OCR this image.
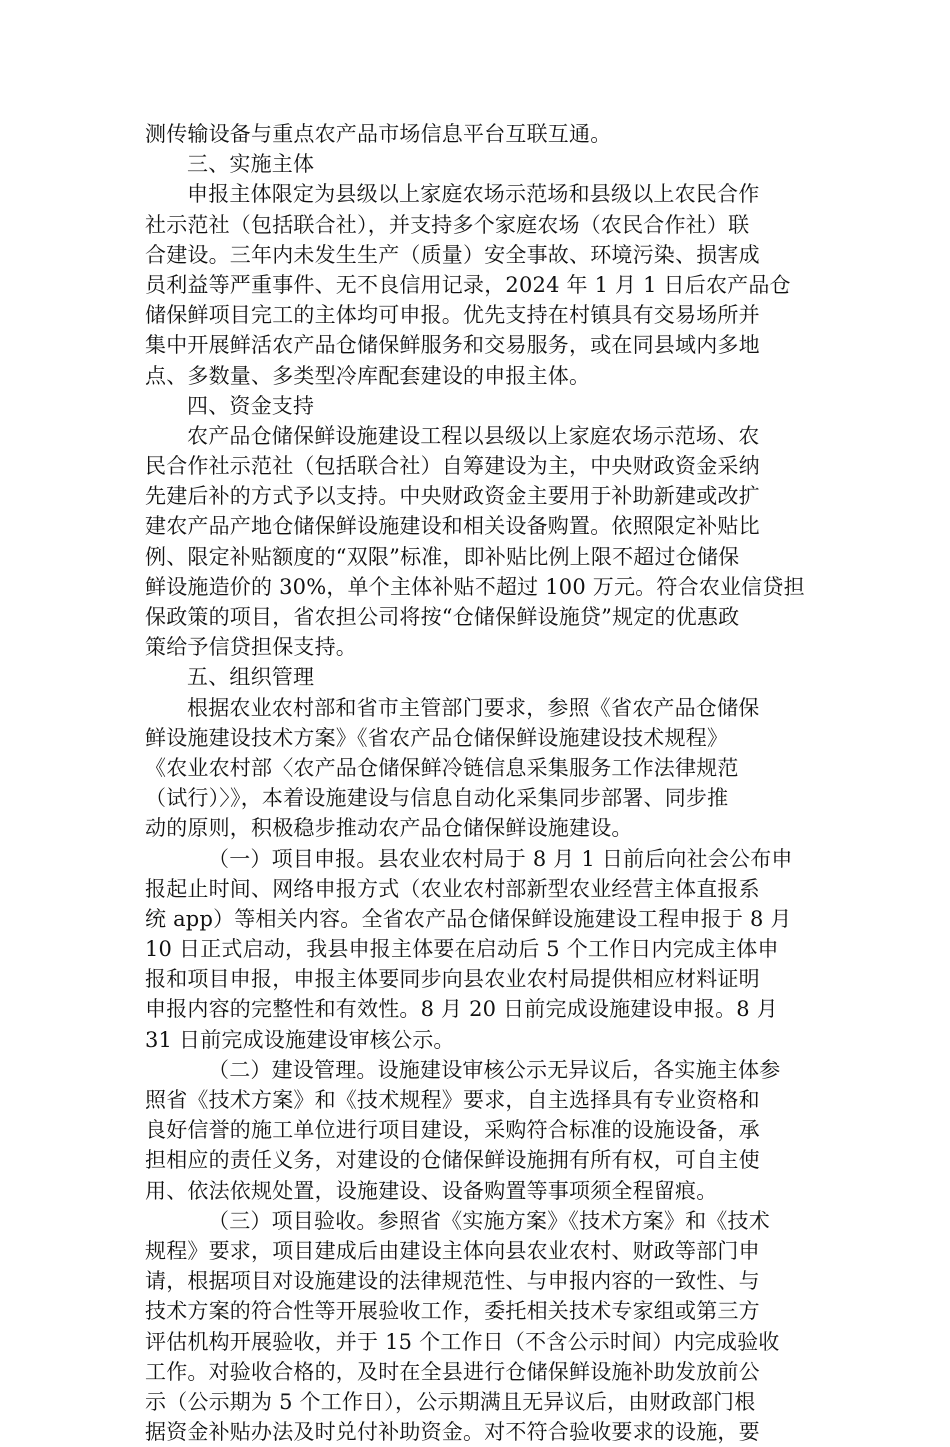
测传输设备与重点农产品市场信息平台互联互通。
三、实施主体
申报主体限定为县级以上家庭农场示范场和县级以上农民合作
社示范社（包括联合社），并支持多个家庭农场（农民合作社）联
合建设。三年内未发生生产（质量）安全事故、环境污染、损害成
员利益等严重事件、无不良信用记录，2024 年 1 月 1 日后农产品仓
储保鲜项目完工的主体均可申报。优先支持在村镇具有交易场所并
集中开展鲜活农产品仓储保鲜服务和交易服务，或在同县域内多地
点、多数量、多类型冷库配套建设的申报主体。
四、资金支持
农产品仓储保鲜设施建设工程以县级以上家庭农场示范场、农
民合作社示范社（包括联合社）自筹建设为主，中央财政资金采纳
先建后补的方式予以支持。中央财政资金主要用于补助新建或改扩
建农产品产地仓储保鲜设施建设和相关设备购置。依照限定补贴比
例、限定补贴额度的“双限”标准，即补贴比例上限不超过仓储保
鲜设施造价的 30%，单个主体补贴不超过 100 万元。符合农业信贷担
保政策的项目，省农担公司将按“仓储保鲜设施贷”规定的优惠政
策给予信贷担保支持。
五、组织管理
根据农业农村部和省市主管部门要求，参照《省农产品仓储保
鲜设施建设技术方案》《省农产品仓储保鲜设施建设技术规程》
《农业农村部〈农产品仓储保鲜冷链信息采集服务工作法律规范
（试行）〉》，本着设施建设与信息自动化采集同步部署、同步推
动的原则，积极稳步推动农产品仓储保鲜设施建设。
（一）项目申报。县农业农村局于 8 月 1 日前后向社会公布申
报起止时间、网络申报方式（农业农村部新型农业经营主体直报系
统 app）等相关内容。全省农产品仓储保鲜设施建设工程申报于 8 月
10 日正式启动，我县申报主体要在启动后 5 个工作日内完成主体申
报和项目申报，申报主体要同步向县农业农村局提供相应材料证明
申报内容的完整性和有效性。8 月 20 日前完成设施建设申报。8 月
31 日前完成设施建设审核公示。
（二）建设管理。设施建设审核公示无异议后，各实施主体参
照省《技术方案》和《技术规程》要求，自主选择具有专业资格和
良好信誉的施工单位进行项目建设，采购符合标准的设施设备，承
担相应的责任义务，对建设的仓储保鲜设施拥有所有权，可自主使
用、依法依规处置，设施建设、设备购置等事项须全程留痕。
（三）项目验收。参照省《实施方案》《技术方案》和《技术
规程》要求，项目建成后由建设主体向县农业农村、财政等部门申
请，根据项目对设施建设的法律规范性、与申报内容的一致性、与
技术方案的符合性等开展验收工作，委托相关技术专家组或第三方
评估机构开展验收，并于 15 个工作日（不含公示时间）内完成验收
工作。对验收合格的，及时在全县进行仓储保鲜设施补助发放前公
示（公示期为 5 个工作日），公示期满且无异议后，由财政部门根
据资金补贴办法及时兑付补助资金。对不符合验收要求的设施，要
